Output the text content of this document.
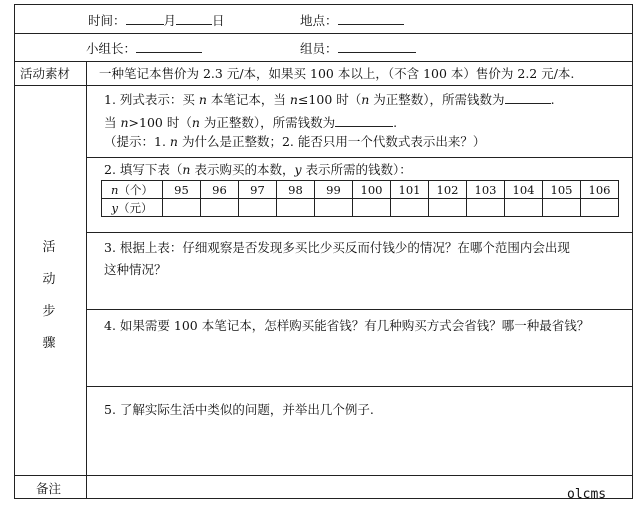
时间：	月	日	地点：
小组长：	组员：
活动素材 一种笔记本售价为 2.3 元/本，如果买 100 本以上，（不含 100 本）售价为 2.2 元/本.
活
动
步
骤
1. 列式表示：买 n 本笔记本，当 n≤100 时（n 为正整数），所需钱数为	.
当 n>100 时（n 为正整数），所需钱数为	.
（提示：1. n 为什么是正整数；2. 能否只用一个代数式表示出来？）
2. 填写下表（n 表示购买的本数，y 表示所需的钱数）：
n（个）	95	96	97	98	99	100	101	102	103	104	105	106
y（元）												
3. 根据上表：仔细观察是否发现多买比少买反而付钱少的情况？在哪个范围内会出现
这种情况？
4. 如果需要 100 本笔记本，怎样购买能省钱？有几种购买方式会省钱？哪一种最省钱？
5. 了解实际生活中类似的问题，并举出几个例子.
备注	olcms
